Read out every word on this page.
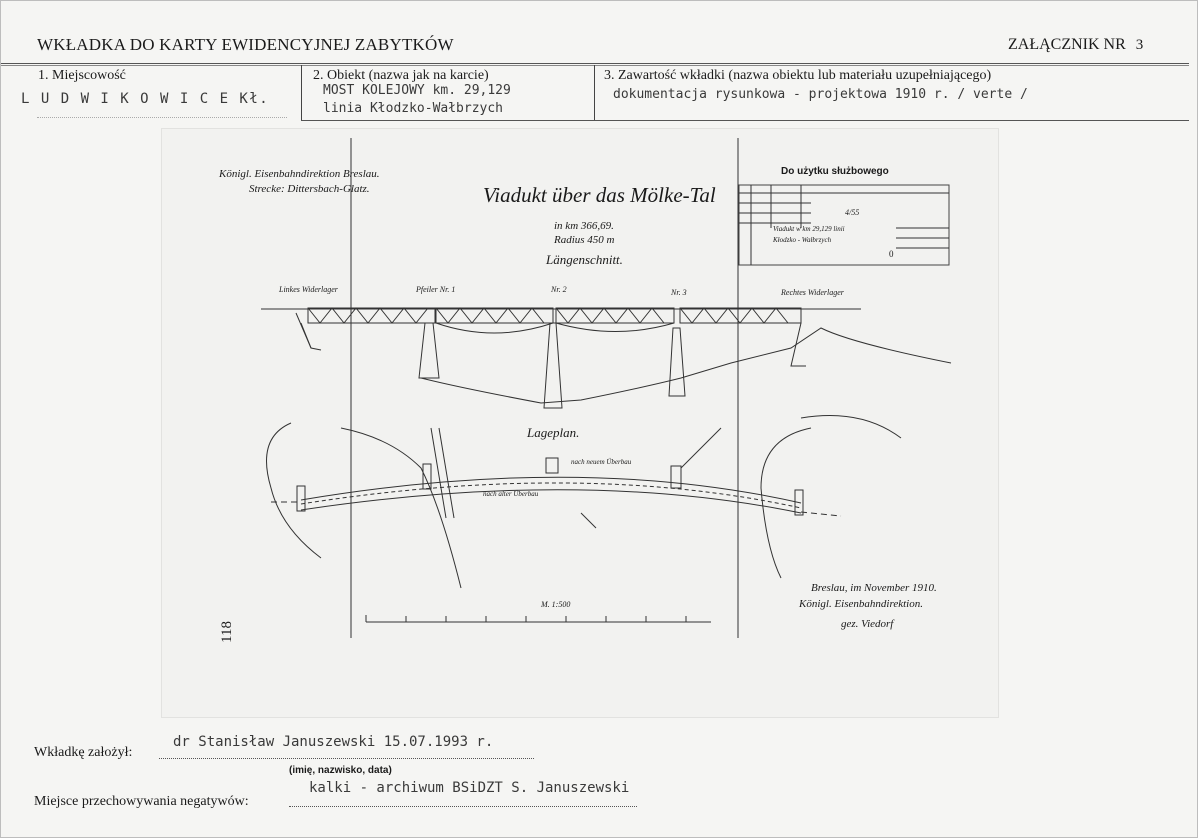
WKŁADKA DO KARTY EWIDENCYJNEJ ZABYTKÓW	ZAŁĄCZNIK NR 3
1. Miejscowość
L U D W I K O W I C E Kł.
2. Obiekt (nazwa jak na karcie)
MOST KOLEJOWY km. 29,129
linia Kłodzko-Wałbrzych
3. Zawartość wkładki (nazwa obiektu lub materiału uzupełniającego)
dokumentacja rysunkowa - projektowa 1910 r. / verte /
Königl. Eisenbahndirektion Breslau.
Strecke: Dittersbach-Glatz.	Viadukt über das Mölke-Tal
in km 366,69.
Radius 450 m
Längenschnitt.
Linkes Widerlager	Pfeiler Nr. 1	Nr. 2	Nr. 3	Rechtes Widerlager
Lageplan.
nach neuem Überbau
nach alter Überbau
M. 1:500
Breslau, im November 1910.
Königl. Eisenbahndirektion.
gez. Viedorf
Do użytku służbowego
Viadukt w km 29,129 linii
Kłodzko - Wałbrzych
4/55
0
118
Wkładkę założył:
dr Stanisław Januszewski 15.07.1993 r.
(imię, nazwisko, data)
Miejsce przechowywania negatywów:
kalki - archiwum BSiDZT S. Januszewski
